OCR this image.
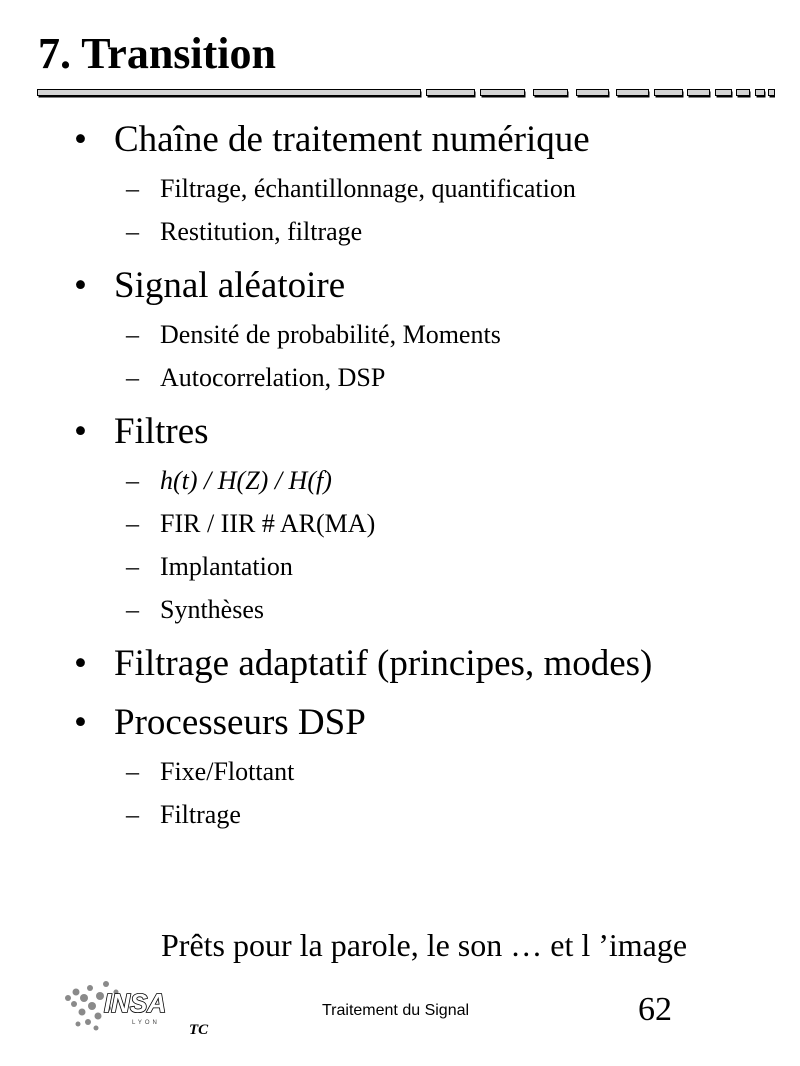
7. Transition
• Chaîne de traitement numérique
– Filtrage, échantillonnage, quantification
– Restitution, filtrage
• Signal aléatoire
– Densité de probabilité, Moments
– Autocorrelation, DSP
• Filtres
– h(t) / H(Z) / H(f)
– FIR / IIR # AR(MA)
– Implantation
– Synthèses
• Filtrage adaptatif (principes, modes)
• Processeurs DSP
– Fixe/Flottant
– Filtrage
Prêts pour la parole, le son … et l ’image
INSA
LYON TC
Traitement du Signal	62
